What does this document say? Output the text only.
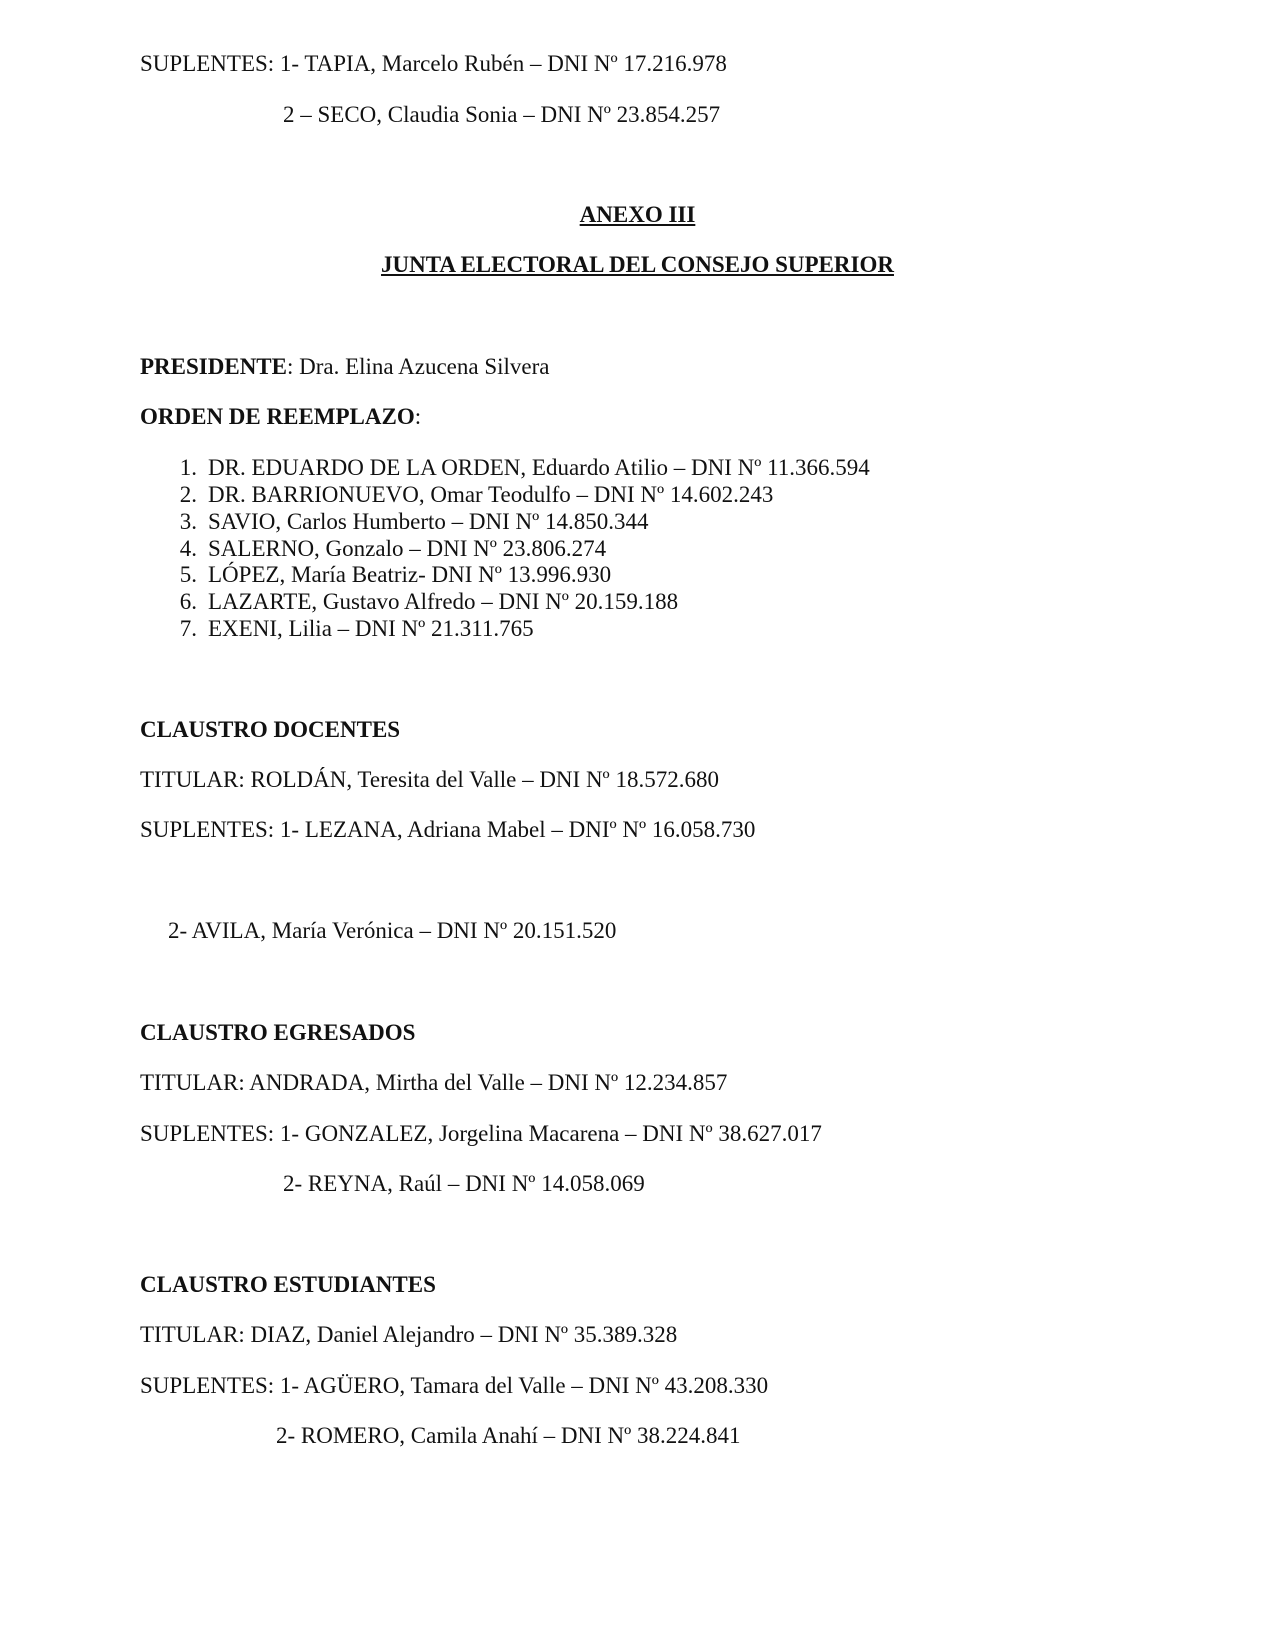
SUPLENTES: 1- TAPIA, Marcelo Rubén – DNI Nº 17.216.978
2 – SECO, Claudia Sonia – DNI Nº 23.854.257
ANEXO III
JUNTA ELECTORAL DEL CONSEJO SUPERIOR
PRESIDENTE: Dra. Elina Azucena Silvera
ORDEN DE REEMPLAZO:
1. DR. EDUARDO DE LA ORDEN, Eduardo Atilio – DNI Nº 11.366.594
2. DR. BARRIONUEVO, Omar Teodulfo – DNI Nº 14.602.243
3. SAVIO, Carlos Humberto – DNI Nº 14.850.344
4. SALERNO, Gonzalo – DNI Nº 23.806.274
5. LÓPEZ, María Beatriz- DNI Nº 13.996.930
6. LAZARTE, Gustavo Alfredo – DNI Nº 20.159.188
7. EXENI, Lilia – DNI Nº 21.311.765
CLAUSTRO DOCENTES
TITULAR: ROLDÁN, Teresita del Valle – DNI Nº 18.572.680
SUPLENTES: 1- LEZANA, Adriana Mabel – DNIº Nº 16.058.730
2- AVILA, María Verónica – DNI Nº 20.151.520
CLAUSTRO EGRESADOS
TITULAR: ANDRADA, Mirtha del Valle – DNI Nº 12.234.857
SUPLENTES: 1- GONZALEZ, Jorgelina Macarena – DNI Nº 38.627.017
2- REYNA, Raúl – DNI Nº 14.058.069
CLAUSTRO ESTUDIANTES
TITULAR: DIAZ, Daniel Alejandro – DNI Nº 35.389.328
SUPLENTES: 1- AGÜERO, Tamara del Valle – DNI Nº 43.208.330
2- ROMERO, Camila Anahí – DNI Nº 38.224.841
